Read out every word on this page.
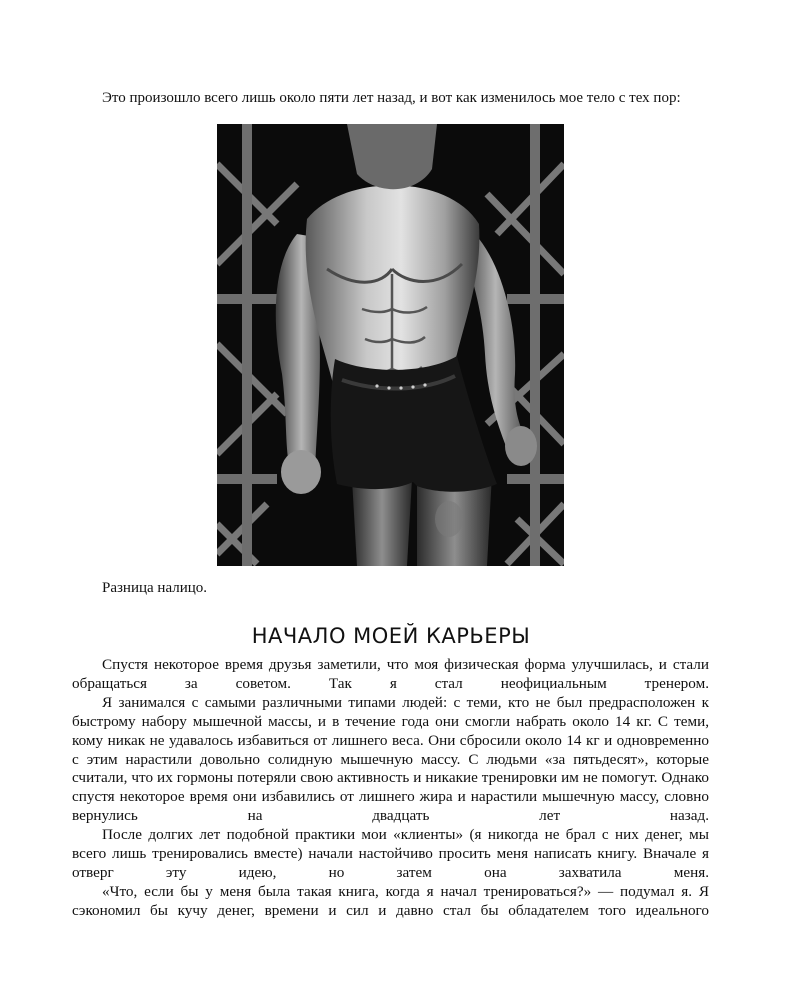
Это произошло всего лишь около пяти лет назад, и вот как изменилось мое тело с тех пор:
Разница налицо.
НАЧАЛО МОЕЙ КАРЬЕРЫ

Спустя некоторое время друзья заметили, что моя физическая форма улучшилась, и стали обращаться за советом. Так я стал неофициальным тренером.

Я занимался с самыми различными типами людей: с теми, кто не был предрасположен к быстрому набору мышечной массы, и в течение года они смогли набрать около 14 кг. С теми, кому никак не удавалось избавиться от лишнего веса. Они сбросили около 14 кг и одновременно с этим нарастили довольно солидную мышечную массу. С людьми «за пятьдесят», которые считали, что их гормоны потеряли свою активность и никакие тренировки им не помогут. Однако спустя некоторое время они избавились от лишнего жира и нарастили мышечную массу, словно вернулись на двадцать лет назад.

После долгих лет подобной практики мои «клиенты» (я никогда не брал с них денег, мы всего лишь тренировались вместе) начали настойчиво просить меня написать книгу. Вначале я отверг эту идею, но затем она захватила меня.

«Что, если бы у меня была такая книга, когда я начал тренироваться?» — подумал я. Я сэкономил бы кучу денег, времени и сил и давно стал бы обладателем того идеального
